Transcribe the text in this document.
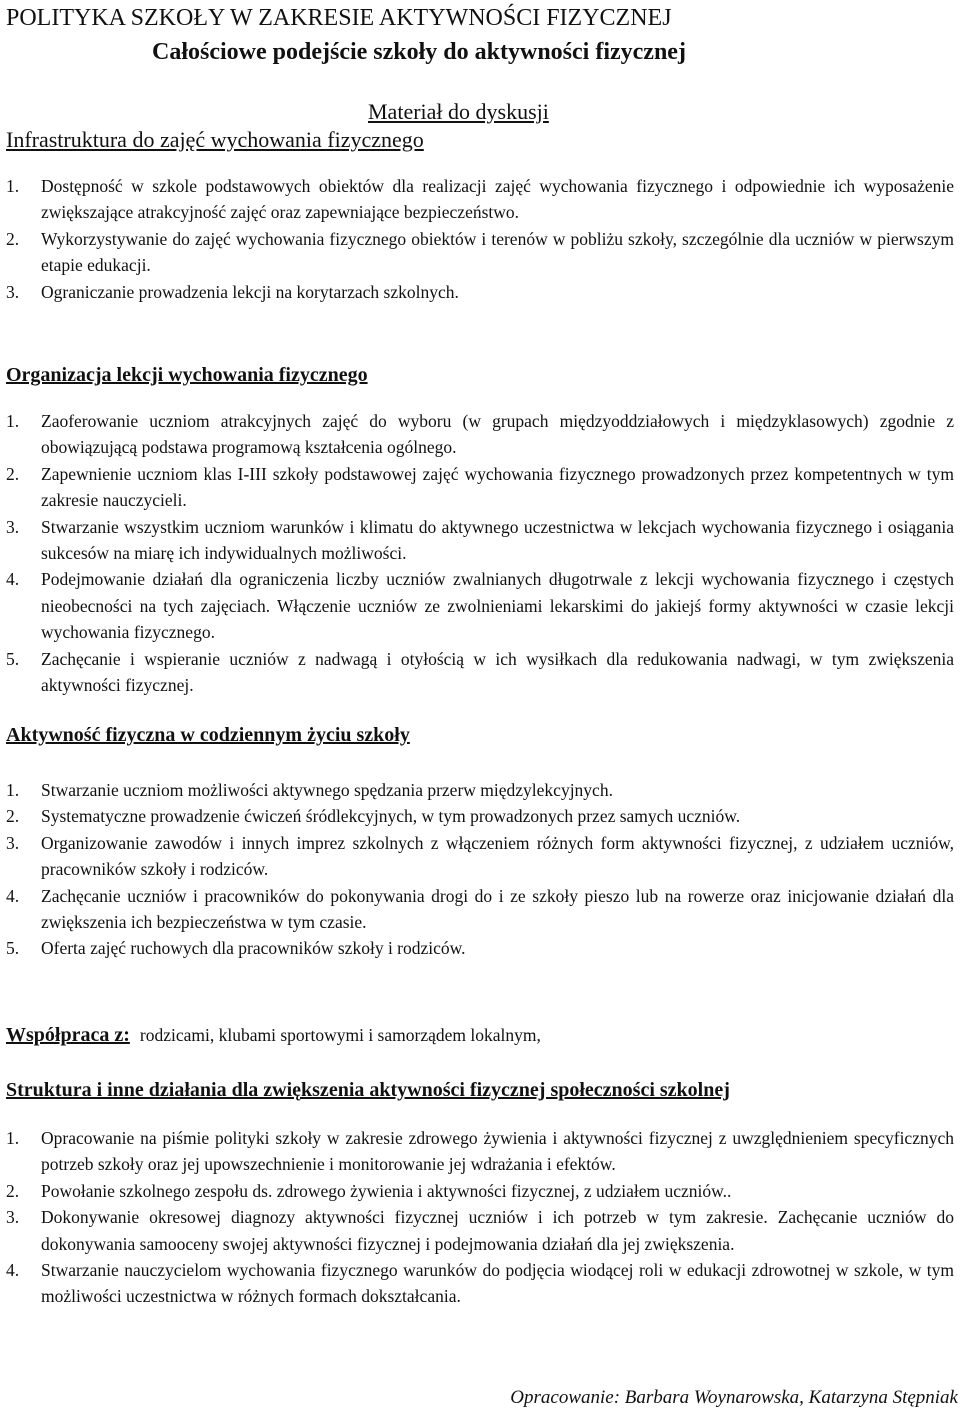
POLITYKA SZKOŁY W ZAKRESIE AKTYWNOŚCI FIZYCZNEJ
Całościowe podejście szkoły do aktywności fizycznej
Materiał do dyskusji
Infrastruktura do zajęć wychowania fizycznego
1. Dostępność w szkole podstawowych obiektów dla realizacji zajęć wychowania fizycznego i odpowiednie ich wyposażenie zwiększające atrakcyjność zajęć oraz zapewniające bezpieczeństwo.
2. Wykorzystywanie do zajęć wychowania fizycznego obiektów i terenów w pobliżu szkoły, szczególnie dla uczniów w pierwszym etapie edukacji.
3. Ograniczanie prowadzenia lekcji na korytarzach szkolnych.
Organizacja lekcji wychowania fizycznego
1. Zaoferowanie uczniom atrakcyjnych zajęć do wyboru (w grupach międzyoddziałowych i międzyklasowych) zgodnie z obowiązującą podstawa programową kształcenia ogólnego.
2. Zapewnienie uczniom klas I-III szkoły podstawowej zajęć wychowania fizycznego prowadzonych przez kompetentnych w tym zakresie nauczycieli.
3. Stwarzanie wszystkim uczniom warunków i klimatu do aktywnego uczestnictwa w lekcjach wychowania fizycznego i osiągania sukcesów na miarę ich indywidualnych możliwości.
4. Podejmowanie działań dla ograniczenia liczby uczniów zwalnianych długotrwale z lekcji wychowania fizycznego i częstych nieobecności na tych zajęciach. Włączenie uczniów ze zwolnieniami lekarskimi do jakiejś formy aktywności w czasie lekcji wychowania fizycznego.
5. Zachęcanie i wspieranie uczniów z nadwagą i otyłością w ich wysiłkach dla redukowania nadwagi, w tym zwiększenia aktywności fizycznej.
Aktywność fizyczna w codziennym życiu szkoły
1. Stwarzanie uczniom możliwości aktywnego spędzania przerw międzylekcyjnych.
2. Systematyczne prowadzenie ćwiczeń śródlekcyjnych, w tym prowadzonych przez samych uczniów.
3. Organizowanie zawodów i innych imprez szkolnych z włączeniem różnych form aktywności fizycznej, z udziałem uczniów, pracowników szkoły i rodziców.
4. Zachęcanie uczniów i pracowników do pokonywania drogi do i ze szkoły pieszo lub na rowerze oraz inicjowanie działań dla zwiększenia ich bezpieczeństwa w tym czasie.
5. Oferta zajęć ruchowych dla pracowników szkoły i rodziców.
Współpraca z: rodzicami, klubami sportowymi i samorządem lokalnym,
Struktura i inne działania dla zwiększenia aktywności fizycznej społeczności szkolnej
1. Opracowanie na piśmie polityki szkoły w zakresie zdrowego żywienia i aktywności fizycznej z uwzględnieniem specyficznych potrzeb szkoły oraz jej upowszechnienie i monitorowanie jej wdrażania i efektów.
2. Powołanie szkolnego zespołu ds. zdrowego żywienia i aktywności fizycznej, z udziałem uczniów..
3. Dokonywanie okresowej diagnozy aktywności fizycznej uczniów i ich potrzeb w tym zakresie. Zachęcanie uczniów do dokonywania samooceny swojej aktywności fizycznej i podejmowania działań dla jej zwiększenia.
4. Stwarzanie nauczycielom wychowania fizycznego warunków do podjęcia wiodącej roli w edukacji zdrowotnej w szkole, w tym możliwości uczestnictwa w różnych formach dokształcania.
Opracowanie: Barbara Woynarowska, Katarzyna Stępniak
